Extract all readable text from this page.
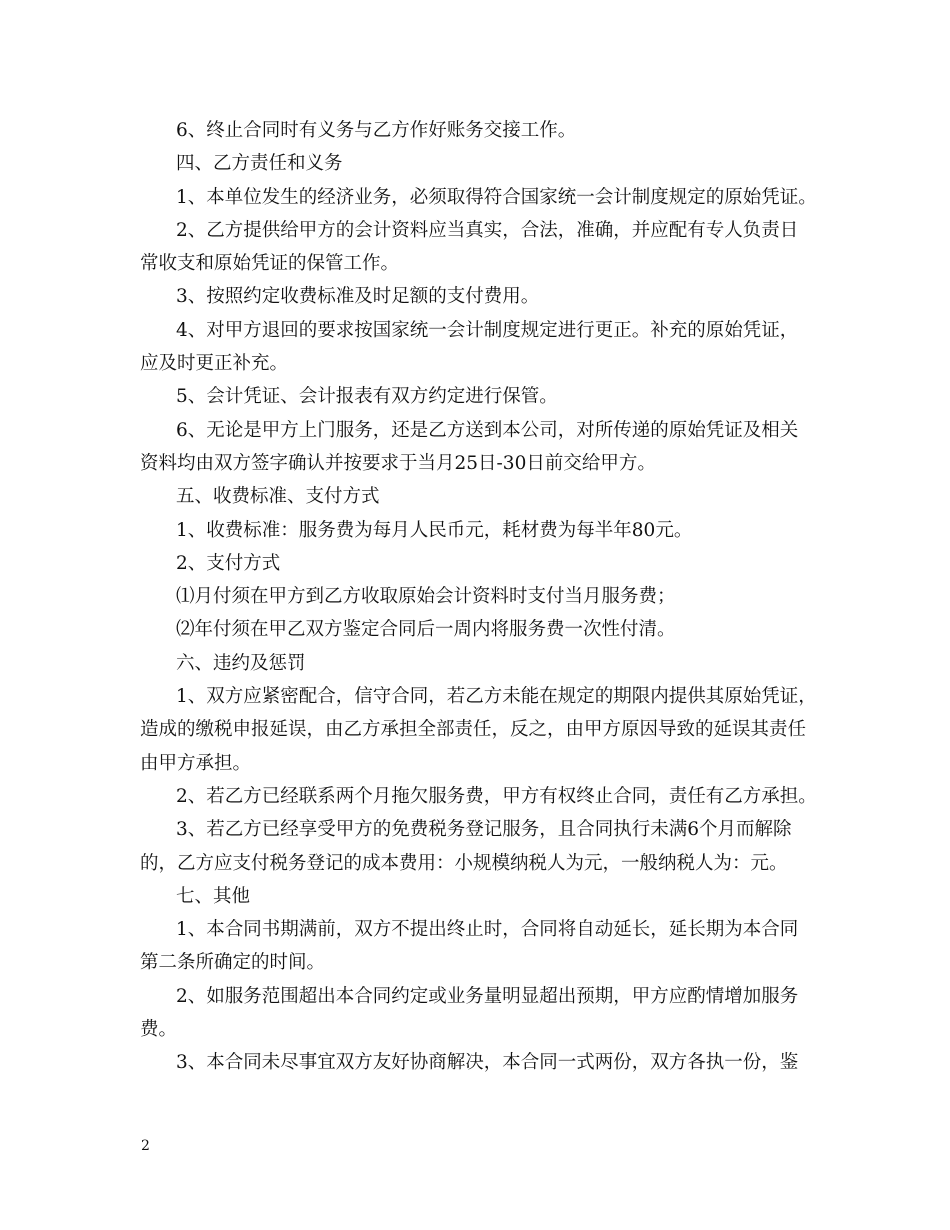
6、终止合同时有义务与乙方作好账务交接工作。
四、乙方责任和义务
1、本单位发生的经济业务，必须取得符合国家统一会计制度规定的原始凭证。
2、乙方提供给甲方的会计资料应当真实，合法，准确，并应配有专人负责日
常收支和原始凭证的保管工作。
3、按照约定收费标准及时足额的支付费用。
4、对甲方退回的要求按国家统一会计制度规定进行更正。补充的原始凭证，
应及时更正补充。
5、会计凭证、会计报表有双方约定进行保管。
6、无论是甲方上门服务，还是乙方送到本公司，对所传递的原始凭证及相关
资料均由双方签字确认并按要求于当月25日-30日前交给甲方。
五、收费标准、支付方式
1、收费标准：服务费为每月人民币元，耗材费为每半年80元。
2、支付方式
⑴月付须在甲方到乙方收取原始会计资料时支付当月服务费；
⑵年付须在甲乙双方鉴定合同后一周内将服务费一次性付清。
六、违约及惩罚
1、双方应紧密配合，信守合同，若乙方未能在规定的期限内提供其原始凭证，
造成的缴税申报延误，由乙方承担全部责任，反之，由甲方原因导致的延误其责任
由甲方承担。
2、若乙方已经联系两个月拖欠服务费，甲方有权终止合同，责任有乙方承担。
3、若乙方已经享受甲方的免费税务登记服务，且合同执行未满6个月而解除
的，乙方应支付税务登记的成本费用：小规模纳税人为元，一般纳税人为：元。
七、其他
1、本合同书期满前，双方不提出终止时，合同将自动延长，延长期为本合同
第二条所确定的时间。
2、如服务范围超出本合同约定或业务量明显超出预期，甲方应酌情增加服务
费。
3、本合同未尽事宜双方友好协商解决，本合同一式两份，双方各执一份，鉴
2
